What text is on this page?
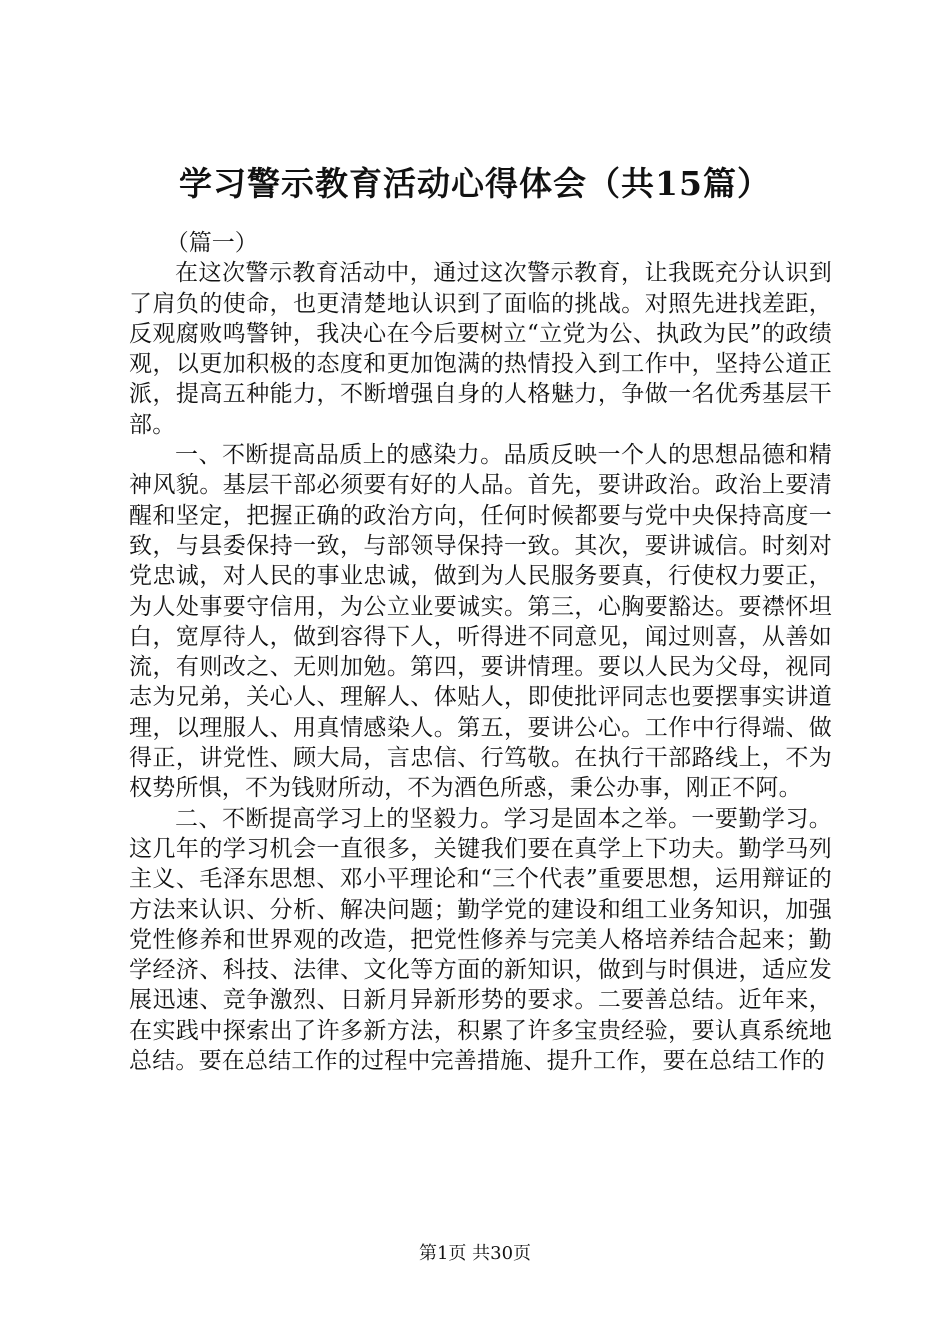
学习警示教育活动心得体会（共15篇）

（篇一）

在这次警示教育活动中，通过这次警示教育，让我既充分认识到了肩负的使命，也更清楚地认识到了面临的挑战。对照先进找差距，反观腐败鸣警钟，我决心在今后要树立“立党为公、执政为民”的政绩观，以更加积极的态度和更加饱满的热情投入到工作中，坚持公道正派，提高五种能力，不断增强自身的人格魅力，争做一名优秀基层干部。

一、不断提高品质上的感染力。品质反映一个人的思想品德和精神风貌。基层干部必须要有好的人品。首先，要讲政治。政治上要清醒和坚定，把握正确的政治方向，任何时候都要与党中央保持高度一致，与县委保持一致，与部领导保持一致。其次，要讲诚信。时刻对党忠诚，对人民的事业忠诚，做到为人民服务要真，行使权力要正，为人处事要守信用，为公立业要诚实。第三，心胸要豁达。要襟怀坦白，宽厚待人，做到容得下人，听得进不同意见，闻过则喜，从善如流，有则改之、无则加勉。第四，要讲情理。要以人民为父母，视同志为兄弟，关心人、理解人、体贴人，即使批评同志也要摆事实讲道理，以理服人、用真情感染人。第五，要讲公心。工作中行得端、做得正，讲党性、顾大局，言忠信、行笃敬。在执行干部路线上，不为权势所惧，不为钱财所动，不为酒色所惑，秉公办事，刚正不阿。

二、不断提高学习上的坚毅力。学习是固本之举。一要勤学习。这几年的学习机会一直很多，关键我们要在真学上下功夫。勤学马列主义、毛泽东思想、邓小平理论和“三个代表”重要思想，运用辩证的方法来认识、分析、解决问题；勤学党的建设和组工业务知识，加强党性修养和世界观的改造，把党性修养与完美人格培养结合起来；勤学经济、科技、法律、文化等方面的新知识，做到与时俱进，适应发展迅速、竞争激烈、日新月异新形势的要求。二要善总结。近年来，在实践中探索出了许多新方法，积累了许多宝贵经验，要认真系统地总结。要在总结工作的过程中完善措施、提升工作，要在总结工作的

第1页 共30页
